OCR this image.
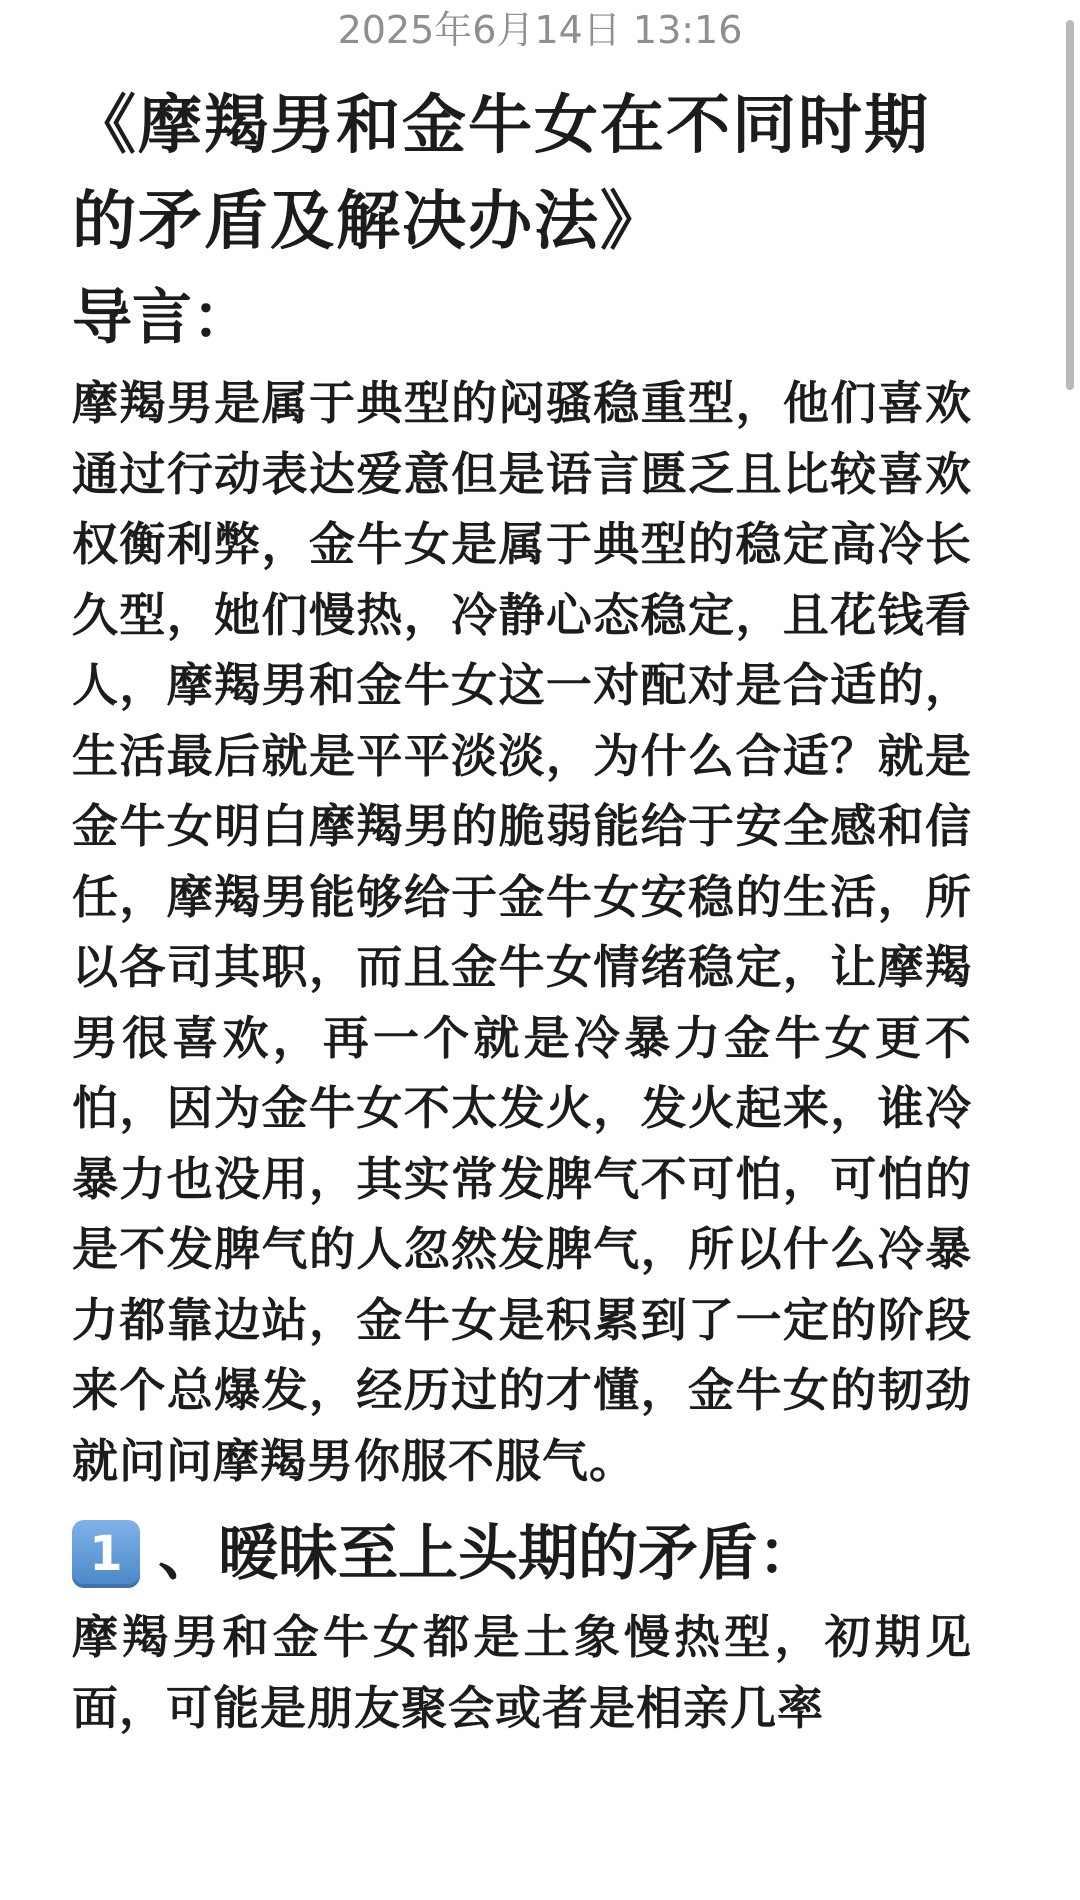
2025年6月14日 13:16
《摩羯男和金牛女在不同时期的矛盾及解决办法》
导言：

摩羯男是属于典型的闷骚稳重型，他们喜欢通过行动表达爱意但是语言匮乏且比较喜欢权衡利弊，金牛女是属于典型的稳定高冷长久型，她们慢热，冷静心态稳定，且花钱看人，摩羯男和金牛女这一对配对是合适的，生活最后就是平平淡淡，为什么合适？就是金牛女明白摩羯男的脆弱能给于安全感和信任，摩羯男能够给于金牛女安稳的生活，所以各司其职，而且金牛女情绪稳定，让摩羯男很喜欢，再一个就是冷暴力金牛女更不怕，因为金牛女不太发火，发火起来，谁冷暴力也没用，其实常发脾气不可怕，可怕的是不发脾气的人忽然发脾气，所以什么冷暴力都靠边站，金牛女是积累到了一定的阶段来个总爆发，经历过的才懂，金牛女的韧劲就问问摩羯男你服不服气。

1 、暧昧至上头期的矛盾：

摩羯男和金牛女都是土象慢热型，初期见面，可能是朋友聚会或者是相亲几率
